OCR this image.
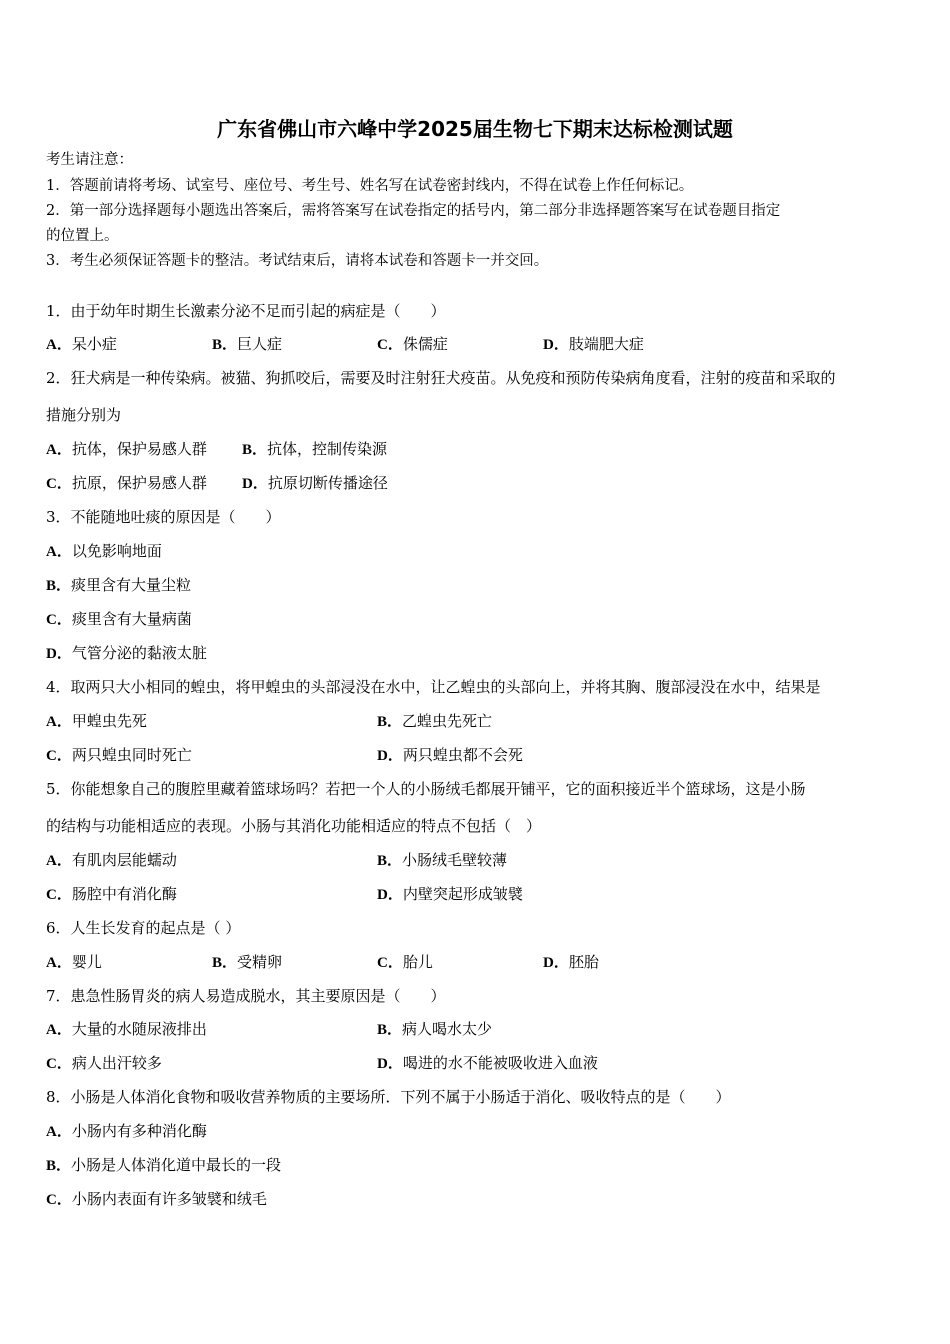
广东省佛山市六峰中学2025届生物七下期末达标检测试题
考生请注意：
1．答题前请将考场、试室号、座位号、考生号、姓名写在试卷密封线内，不得在试卷上作任何标记。
2．第一部分选择题每小题选出答案后，需将答案写在试卷指定的括号内，第二部分非选择题答案写在试卷题目指定
的位置上。
3．考生必须保证答题卡的整洁。考试结束后，请将本试卷和答题卡一并交回。
1．由于幼年时期生长激素分泌不足而引起的病症是（　　）
A．呆小症	B．巨人症	C．侏儒症	D．肢端肥大症
2．狂犬病是一种传染病。被猫、狗抓咬后，需要及时注射狂犬疫苗。从免疫和预防传染病角度看，注射的疫苗和采取的
措施分别为
A．抗体，保护易感人群 B．抗体，控制传染源
C．抗原，保护易感人群 D．抗原切断传播途径
3．不能随地吐痰的原因是（　　）
A．以免影响地面
B．痰里含有大量尘粒
C．痰里含有大量病菌
D．气管分泌的黏液太脏
4．取两只大小相同的蝗虫，将甲蝗虫的头部浸没在水中，让乙蝗虫的头部向上，并将其胸、腹部浸没在水中，结果是
A．甲蝗虫先死	B．乙蝗虫先死亡
C．两只蝗虫同时死亡	D．两只蝗虫都不会死
5．你能想象自己的腹腔里藏着篮球场吗？若把一个人的小肠绒毛都展开铺平，它的面积接近半个篮球场，这是小肠
的结构与功能相适应的表现。小肠与其消化功能相适应的特点不包括（　）
A．有肌肉层能蠕动	B．小肠绒毛壁较薄
C．肠腔中有消化酶	D．内壁突起形成皱襞
6．人生长发育的起点是（ ）
A．婴儿	B．受精卵	C．胎儿	D．胚胎
7．患急性肠胃炎的病人易造成脱水，其主要原因是（　　）
A．大量的水随尿液排出	B．病人喝水太少
C．病人出汗较多	D．喝进的水不能被吸收进入血液
8．小肠是人体消化食物和吸收营养物质的主要场所．下列不属于小肠适于消化、吸收特点的是（　　）
A．小肠内有多种消化酶
B．小肠是人体消化道中最长的一段
C．小肠内表面有许多皱襞和绒毛
